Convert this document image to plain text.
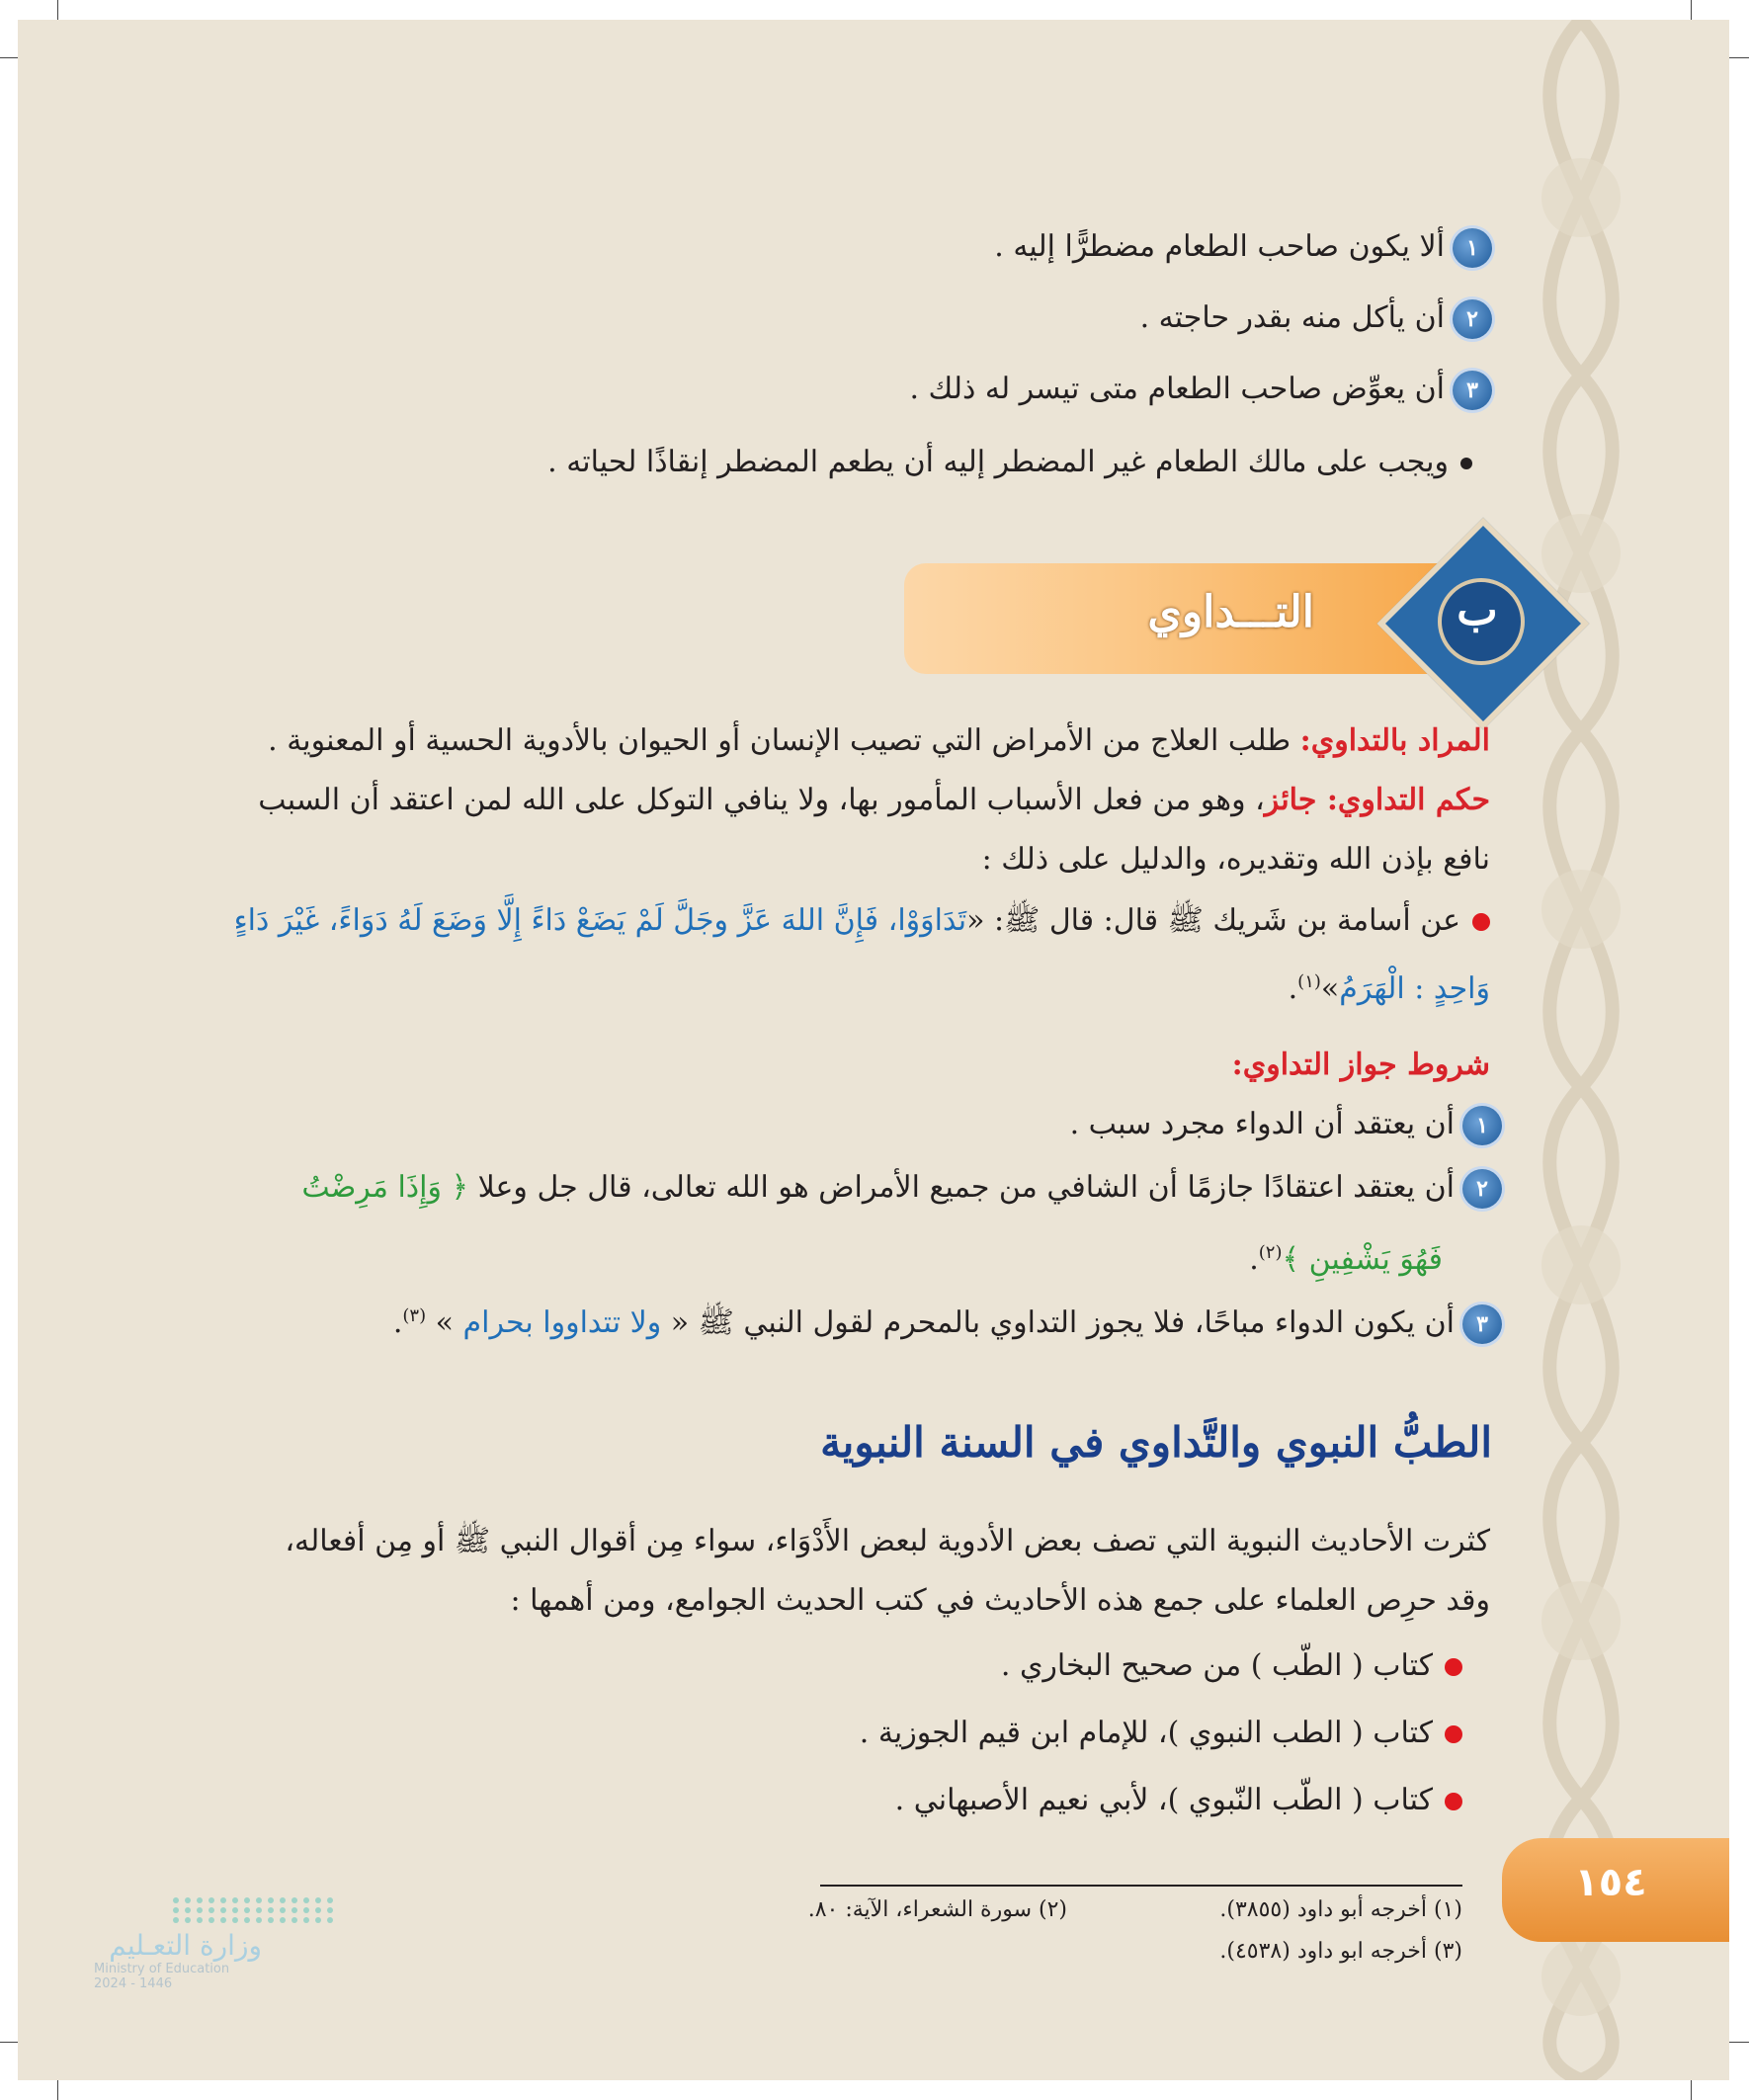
١ألا يكون صاحب الطعام مضطرًّا إليه .
٢أن يأكل منه بقدر حاجته .
٣أن يعوِّض صاحب الطعام متى تيسر له ذلك .
ويجب على مالك الطعام غير المضطر إليه أن يطعم المضطر إنقاذًا لحياته .
التـــداوي	ب
المراد بالتداوي: طلب العلاج من الأمراض التي تصيب الإنسان أو الحيوان بالأدوية الحسية أو المعنوية .
حكم التداوي: جائز، وهو من فعل الأسباب المأمور بها، ولا ينافي التوكل على الله لمن اعتقد أن السبب
نافع بإذن الله وتقديره، والدليل على ذلك :
عن أسامة بن شَريك ﷺ قال: قال ﷺ: «تَدَاوَوْا، فَإِنَّ اللهَ عَزَّ وجَلَّ لَمْ يَضَعْ دَاءً إِلَّا وَضَعَ لَهُ دَوَاءً، غَيْرَ دَاءٍ
وَاحِدٍ : الْهَرَمُ»$^{(١)}$.
شروط جواز التداوي:
١أن يعتقد أن الدواء مجرد سبب .
٢أن يعتقد اعتقادًا جازمًا أن الشافي من جميع الأمراض هو الله تعالى، قال جل وعلا ﴿ وَإِذَا مَرِضْتُ
فَهُوَ يَشْفِينِ ﴾$^{(٢)}$.
٣أن يكون الدواء مباحًا، فلا يجوز التداوي بالمحرم لقول النبي ﷺ « ولا تتداووا بحرام » $^{(٣)}$.
الطبُّ النبوي والتَّداوي في السنة النبوية
كثرت الأحاديث النبوية التي تصف بعض الأدوية لبعض الأَدْوَاء، سواء مِن أقوال النبي ﷺ أو مِن أفعاله،
وقد حرِص العلماء على جمع هذه الأحاديث في كتب الحديث الجوامع، ومن أهمها :
كتاب ( الطّب ) من صحيح البخاري .
كتاب ( الطب النبوي )، للإمام ابن قيم الجوزية .
كتاب ( الطّب النّبوي )، لأبي نعيم الأصبهاني .
(١) أخرجه أبو داود (٣٨٥٥).
(٢) سورة الشعراء، الآية: ٨٠.
(٣) أخرجه ابو داود (٤٥٣٨).
١٥٤
وزارة التعـليم
Ministry of Education
2024 - 1446
